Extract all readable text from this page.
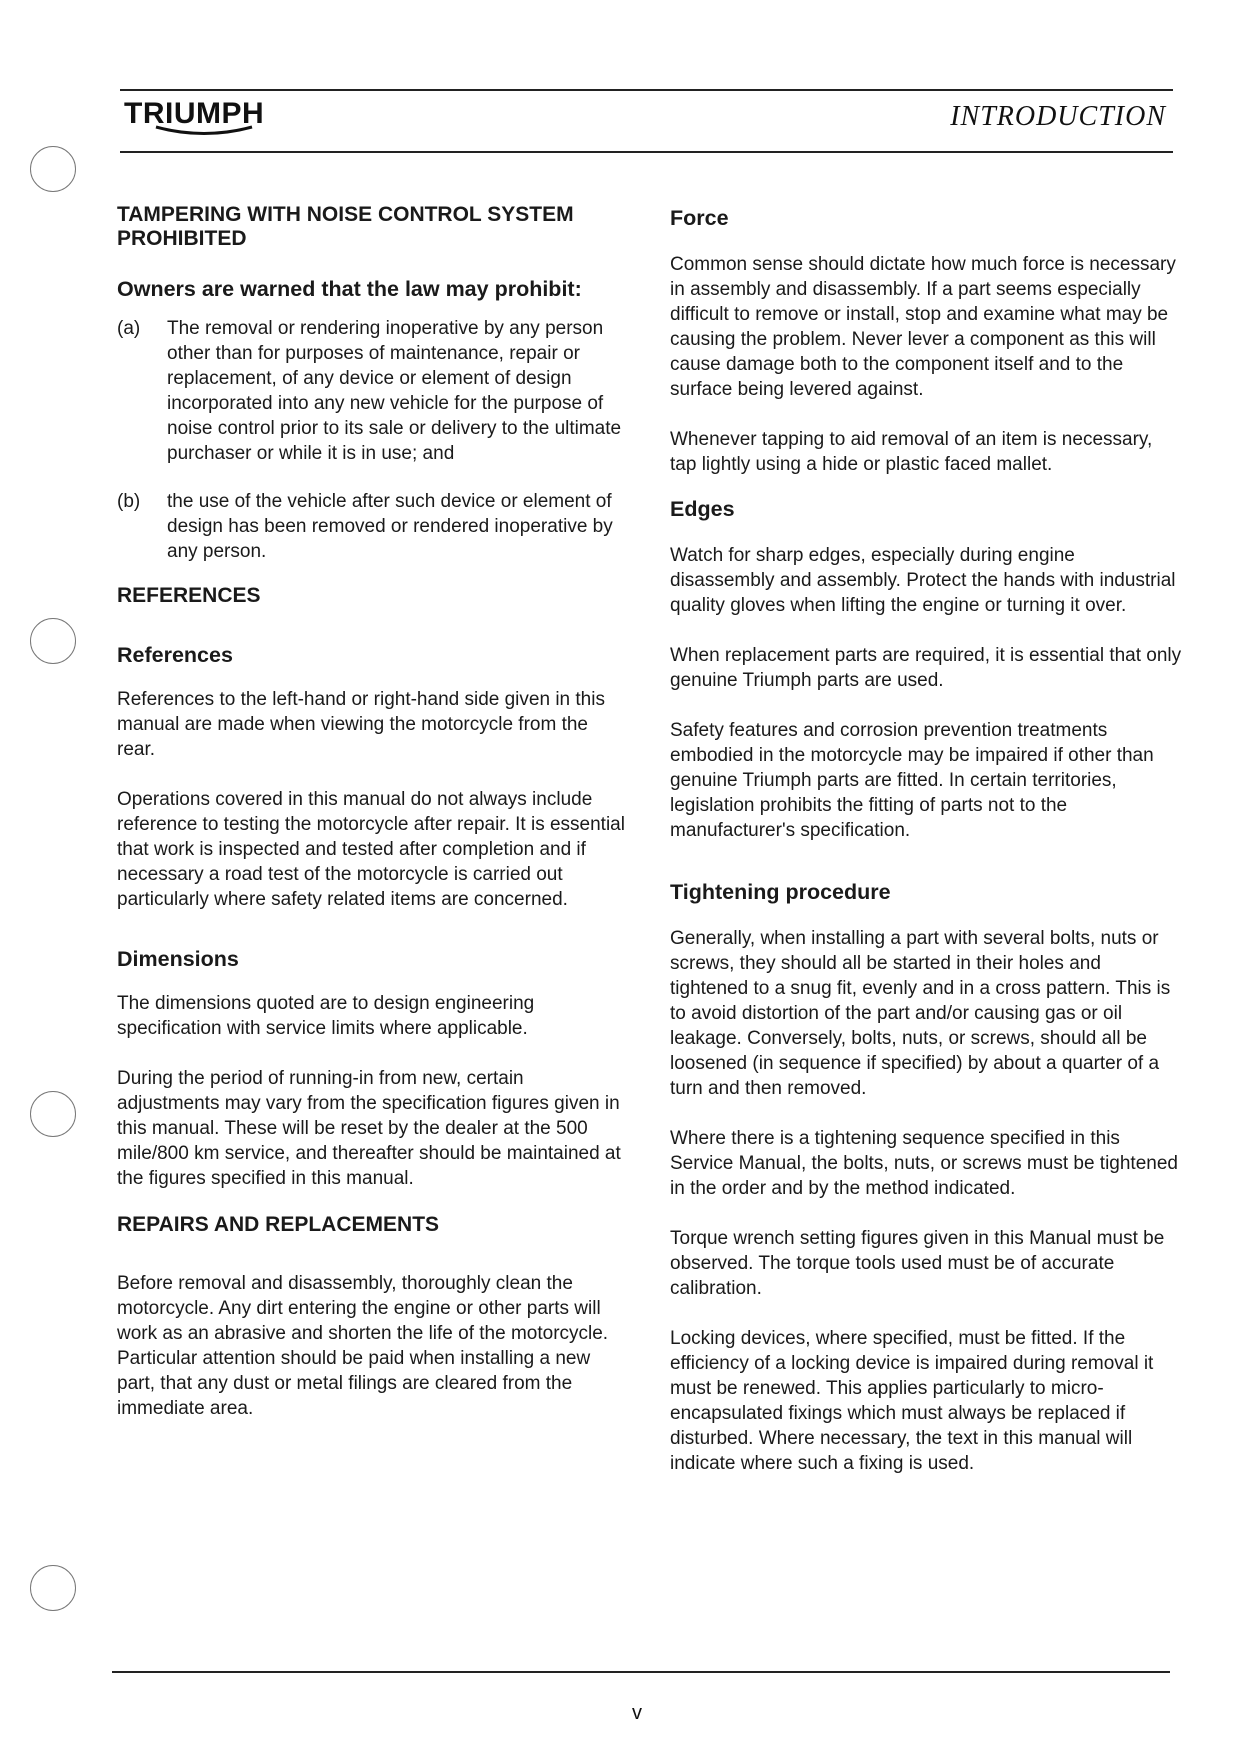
TRIUMPH	INTRODUCTION
TAMPERING WITH NOISE CONTROL SYSTEM PROHIBITED
Owners are warned that the law may prohibit:
(a)	The removal or rendering inoperative by any person other than for purposes of maintenance, repair or replacement, of any device or element of design incorporated into any new vehicle for the purpose of noise control prior to its sale or delivery to the ultimate purchaser or while it is in use; and
(b)	the use of the vehicle after such device or element of design has been removed or rendered inoperative by any person.
REFERENCES
References
References to the left-hand or right-hand side given in this manual are made when viewing the motorcycle from the rear.
Operations covered in this manual do not always include reference to testing the motorcycle after repair. It is essential that work is inspected and tested after completion and if necessary a road test of the motorcycle is carried out particularly where safety related items are concerned.
Dimensions
The dimensions quoted are to design engineering specification with service limits where applicable.
During the period of running-in from new, certain adjustments may vary from the specification figures given in this manual. These will be reset by the dealer at the 500 mile/800 km service, and thereafter should be maintained at the figures specified in this manual.
REPAIRS AND REPLACEMENTS
Before removal and disassembly, thoroughly clean the motorcycle. Any dirt entering the engine or other parts will work as an abrasive and shorten the life of the motorcycle. Particular attention should be paid when installing a new part, that any dust or metal filings are cleared from the immediate area.
Force
Common sense should dictate how much force is necessary in assembly and disassembly. If a part seems especially difficult to remove or install, stop and examine what may be causing the problem. Never lever a component as this will cause damage both to the component itself and to the surface being levered against.
Whenever tapping to aid removal of an item is necessary, tap lightly using a hide or plastic faced mallet.
Edges
Watch for sharp edges, especially during engine disassembly and assembly. Protect the hands with industrial quality gloves when lifting the engine or turning it over.
When replacement parts are required, it is essential that only genuine Triumph parts are used.
Safety features and corrosion prevention treatments embodied in the motorcycle may be impaired if other than genuine Triumph parts are fitted. In certain territories, legislation prohibits the fitting of parts not to the manufacturer's specification.
Tightening procedure
Generally, when installing a part with several bolts, nuts or screws, they should all be started in their holes and tightened to a snug fit, evenly and in a cross pattern. This is to avoid distortion of the part and/or causing gas or oil leakage. Conversely, bolts, nuts, or screws, should all be loosened (in sequence if specified) by about a quarter of a turn and then removed.
Where there is a tightening sequence specified in this Service Manual, the bolts, nuts, or screws must be tightened in the order and by the method indicated.
Torque wrench setting figures given in this Manual must be observed. The torque tools used must be of accurate calibration.
Locking devices, where specified, must be fitted. If the efficiency of a locking device is impaired during removal it must be renewed. This applies particularly to micro-encapsulated fixings which must always be replaced if disturbed. Where necessary, the text in this manual will indicate where such a fixing is used.
v
